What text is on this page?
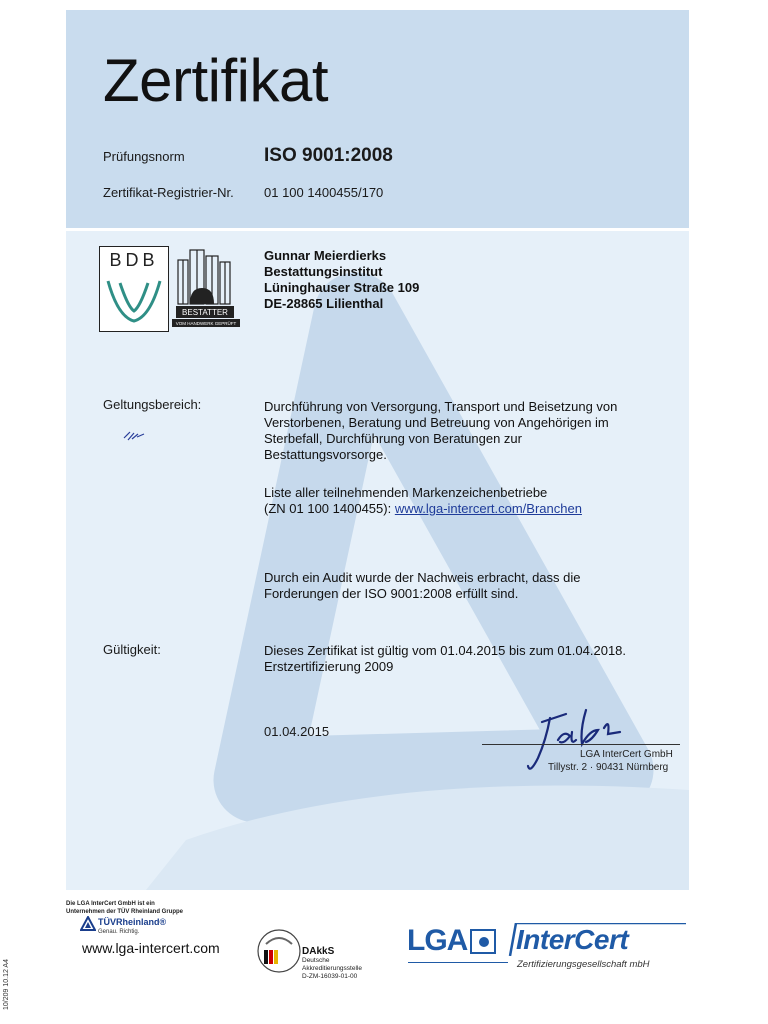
Zertifikat
Prüfungsnorm	ISO 9001:2008
Zertifikat-Registrier-Nr. 01 100 1400455/170
BDB
BESTATTER
VOM HANDWERK GEPRÜFT
Gunnar Meierdierks
Bestattungsinstitut
Lüninghauser Straße 109
DE-28865 Lilienthal
Geltungsbereich:	Durchführung von Versorgung, Transport und Beisetzung von
Verstorbenen, Beratung und Betreuung von Angehörigen im
Sterbefall, Durchführung von Beratungen zur
Bestattungsvorsorge.
Liste aller teilnehmenden Markenzeichenbetriebe
(ZN 01 100 1400455): www.lga-intercert.com/Branchen
Durch ein Audit wurde der Nachweis erbracht, dass die
Forderungen der ISO 9001:2008 erfüllt sind.
Gültigkeit:	Dieses Zertifikat ist gültig vom 01.04.2015 bis zum 01.04.2018.
Erstzertifizierung 2009
01.04.2015
LGA InterCert GmbH
Tillystr. 2 · 90431 Nürnberg
10/209 10.12 A4
Die LGA InterCert GmbH ist ein
Unternehmen der TÜV Rheinland Gruppe
TÜVRheinland®
Genau. Richtig.
www.lga-intercert.com	DAkkS
Deutsche
Akkreditierungsstelle
D-ZM-16039-01-00
LGA InterCert
Zertifizierungsgesellschaft mbH
